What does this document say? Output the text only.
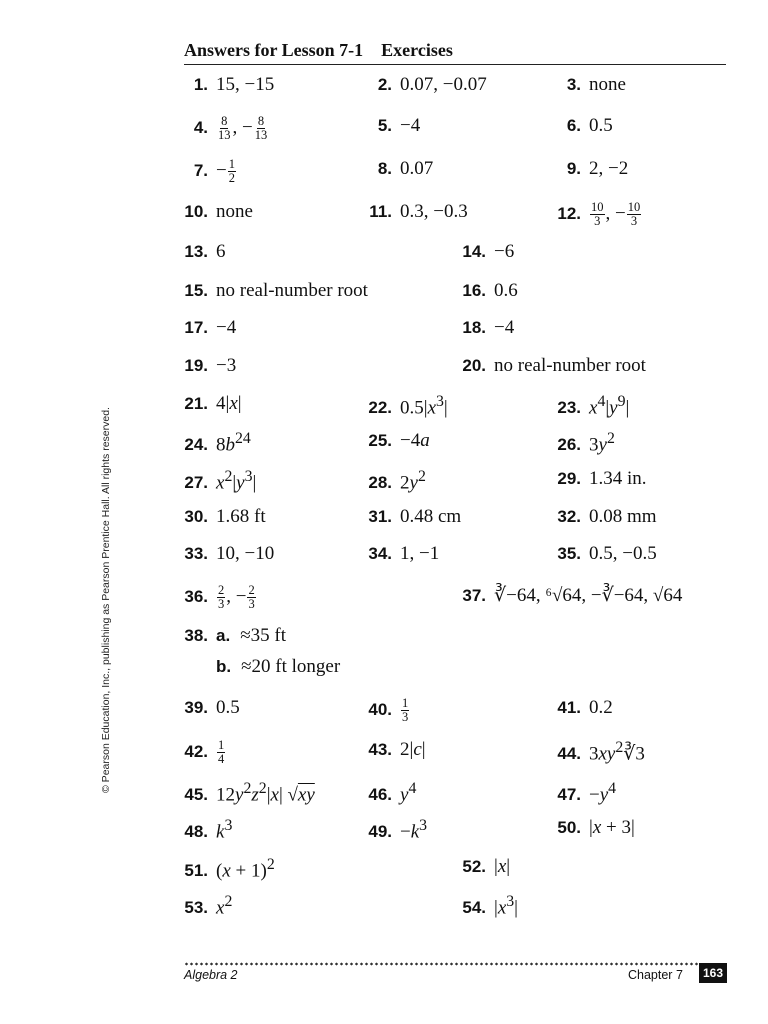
© Pearson Education, Inc., publishing as Pearson Prentice Hall. All rights reserved.
Answers for Lesson 7-1 Exercises
1. 15, −15	2. 0.07, −0.07	3. none
4. $\frac{8}{13}$ , − $\frac{8}{13}$	5. −4	6. 0.5
7. − $\frac{1}{2}$	8. 0.07	9. 2, −2
10. none	11. 0.3, −0.3	12. $\frac{10}{3}$ , − $\frac{10}{3}$
13. 6	14. −6
15. no real-number root	16. 0.6
17. −4	18. −4
19. −3	20. no real-number root
21. 4|x|	22. $0.5|x^3|$	23. $x^4|y^9|$
24. $8b^{24}$	25. −4a	26. $3y^2$
27. $x^2|y^3|$	28. $2y^2$	29. 1.34 in.
30. 1.68 ft	31. 0.48 cm	32. 0.08 mm
33. 10, −10	34. 1, −1	35. 0.5, −0.5
36. $\frac{2}{3}$ , − $\frac{2}{3}$	37. ∛−64, ⁶√64, −∛−64, √64
38. a. ≈35 ft
b. ≈20 ft longer
39. 0.5	40. $\frac{1}{3}$	41. 0.2
42. $\frac{1}{4}$	43. 2|c|	44. $3xy^2∛3$
45. $12y^2z^2|x|$ √xy	46. $y^4$	47. $-y^4$
48. $k^3$	49. $-k^3$	50. |x + 3|
51. $(x + 1)^2$	52. |x|
53. $x^2$	54. $|x^3|$
Algebra 2	Chapter 7	163
